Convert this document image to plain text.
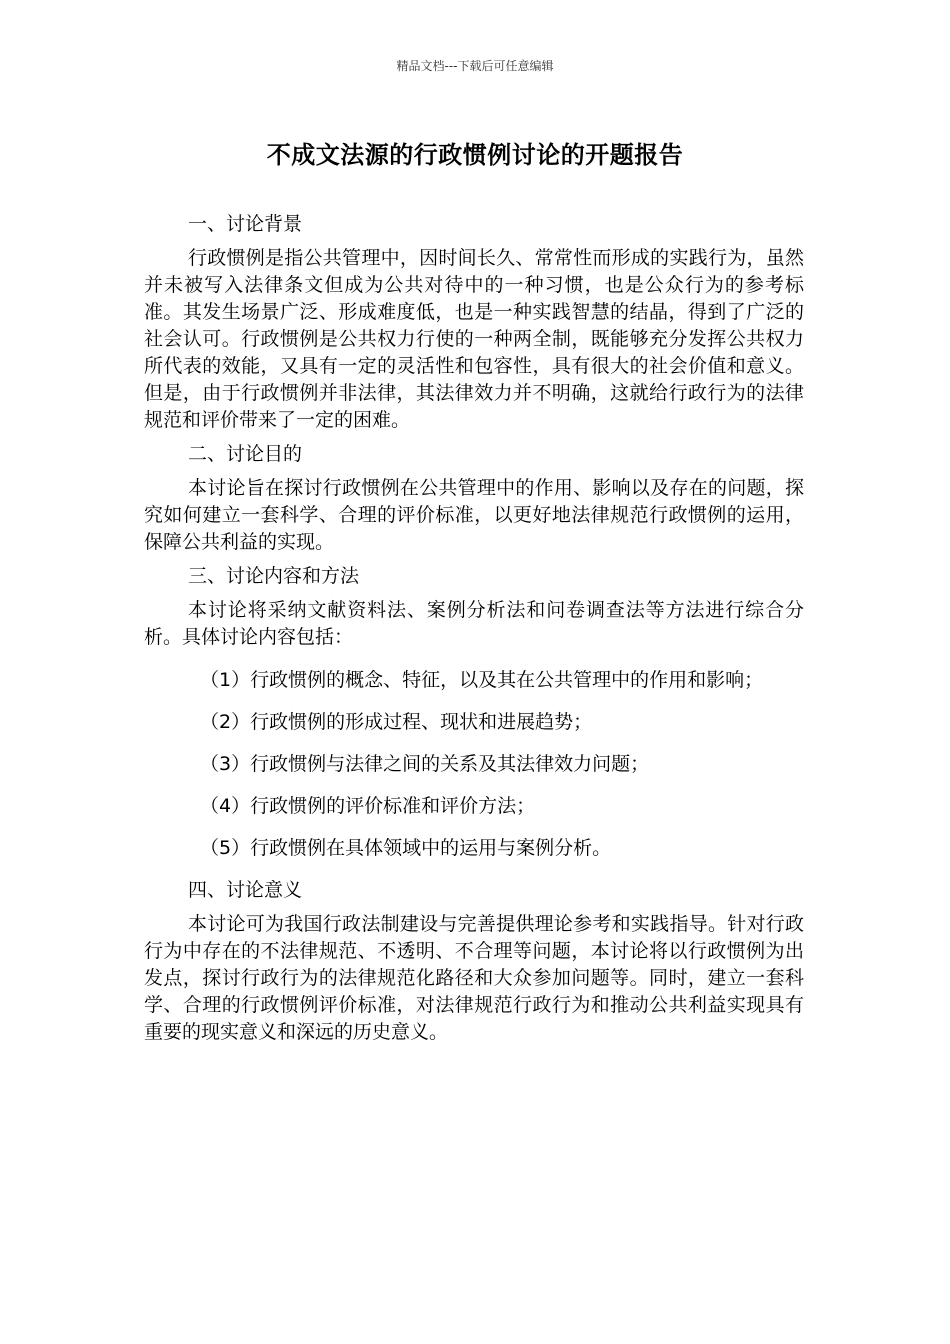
精品文档---下载后可任意编辑
不成文法源的行政惯例讨论的开题报告
一、讨论背景

行政惯例是指公共管理中，因时间长久、常常性而形成的实践行为，虽然并未被写入法律条文但成为公共对待中的一种习惯，也是公众行为的参考标准。其发生场景广泛、形成难度低，也是一种实践智慧的结晶，得到了广泛的社会认可。行政惯例是公共权力行使的一种两全制，既能够充分发挥公共权力所代表的效能，又具有一定的灵活性和包容性，具有很大的社会价值和意义。但是，由于行政惯例并非法律，其法律效力并不明确，这就给行政行为的法律规范和评价带来了一定的困难。

二、讨论目的

本讨论旨在探讨行政惯例在公共管理中的作用、影响以及存在的问题，探究如何建立一套科学、合理的评价标准，以更好地法律规范行政惯例的运用，保障公共利益的实现。

三、讨论内容和方法

本讨论将采纳文献资料法、案例分析法和问卷调查法等方法进行综合分析。具体讨论内容包括：

（1）行政惯例的概念、特征，以及其在公共管理中的作用和影响；
（2）行政惯例的形成过程、现状和进展趋势；
（3）行政惯例与法律之间的关系及其法律效力问题；
（4）行政惯例的评价标准和评价方法；
（5）行政惯例在具体领域中的运用与案例分析。
四、讨论意义

本讨论可为我国行政法制建设与完善提供理论参考和实践指导。针对行政行为中存在的不法律规范、不透明、不合理等问题，本讨论将以行政惯例为出发点，探讨行政行为的法律规范化路径和大众参加问题等。同时，建立一套科学、合理的行政惯例评价标准，对法律规范行政行为和推动公共利益实现具有重要的现实意义和深远的历史意义。
